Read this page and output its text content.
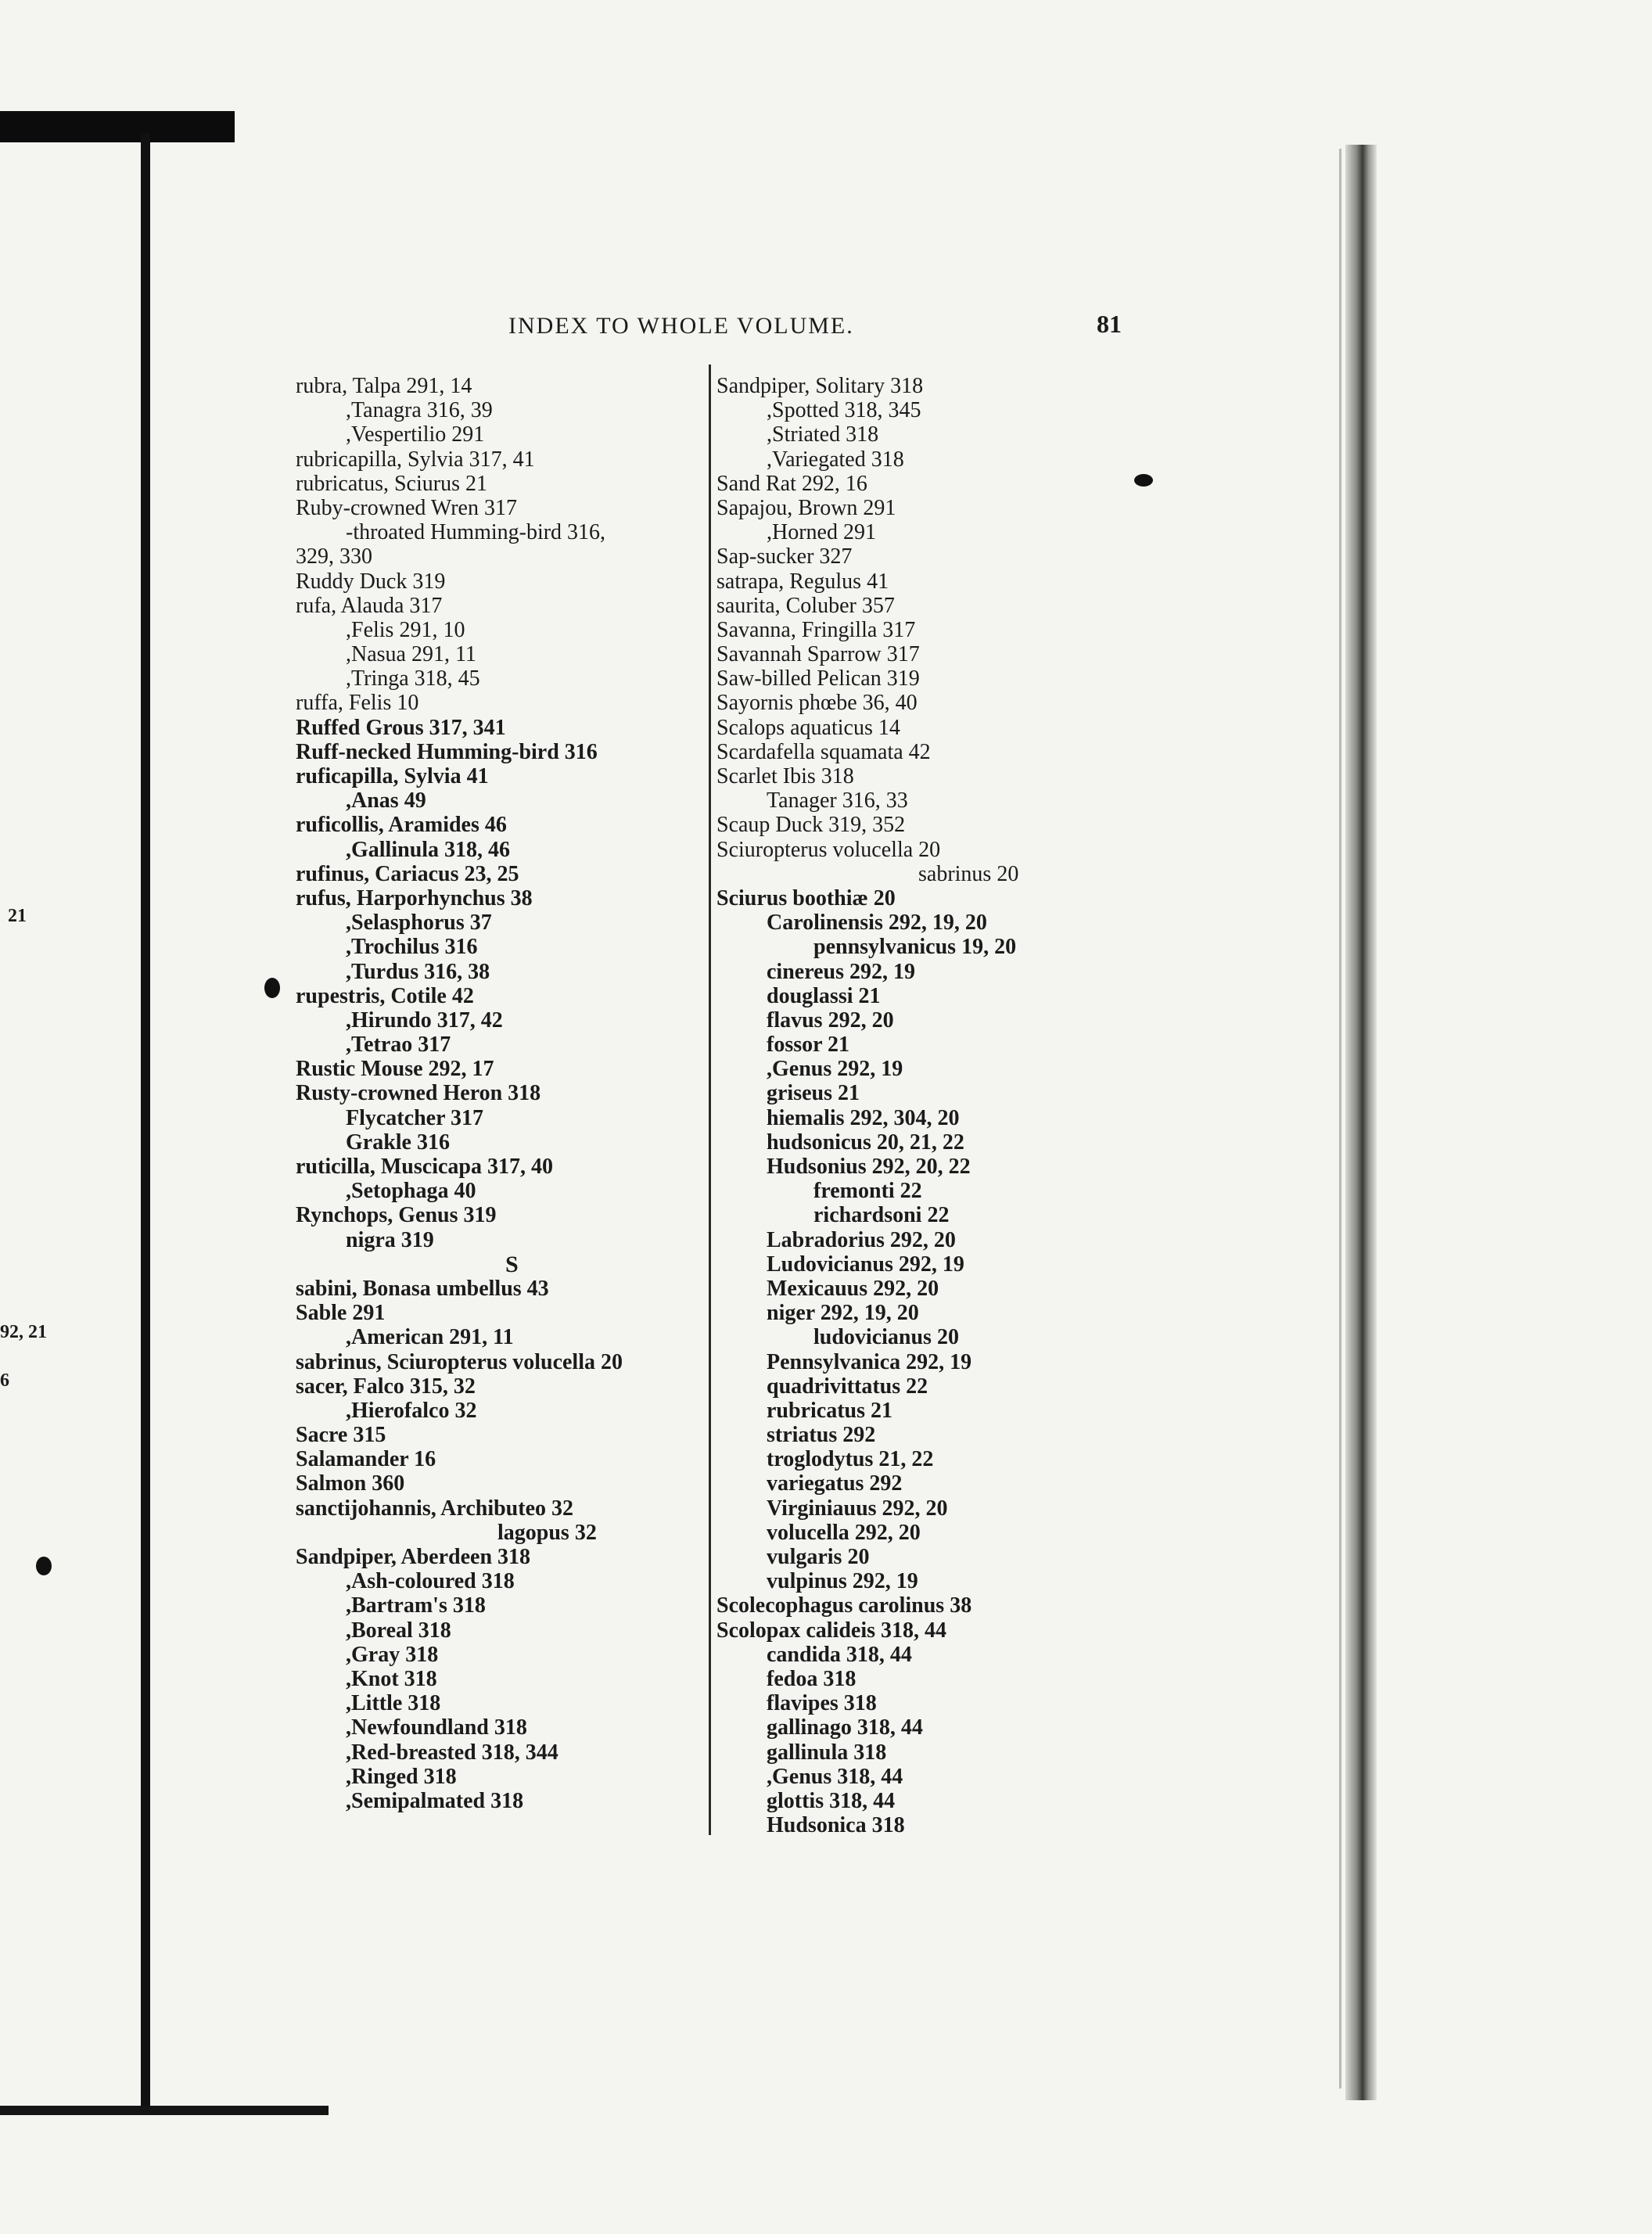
21
92, 21
6
INDEX TO WHOLE VOLUME.	81
rubra, Talpa 291, 14
,Tanagra 316, 39
,Vespertilio 291
rubricapilla, Sylvia 317, 41
rubricatus, Sciurus 21
Ruby-crowned Wren 317
-throated Humming-bird 316,
329, 330
Ruddy Duck 319
rufa, Alauda 317
,Felis 291, 10
,Nasua 291, 11
,Tringa 318, 45
ruffa, Felis 10
Ruffed Grous 317, 341
Ruff-necked Humming-bird 316
ruficapilla, Sylvia 41
,Anas 49
ruficollis, Aramides 46
,Gallinula 318, 46
rufinus, Cariacus 23, 25
rufus, Harporhynchus 38
,Selasphorus 37
,Trochilus 316
,Turdus 316, 38
rupestris, Cotile 42
,Hirundo 317, 42
,Tetrao 317
Rustic Mouse 292, 17
Rusty-crowned Heron 318
Flycatcher 317
Grakle 316
ruticilla, Muscicapa 317, 40
,Setophaga 40
Rynchops, Genus 319
nigra 319
S
sabini, Bonasa umbellus 43
Sable 291
,American 291, 11
sabrinus, Sciuropterus volucella 20
sacer, Falco 315, 32
,Hierofalco 32
Sacre 315
Salamander 16
Salmon 360
sanctijohannis, Archibuteo 32
lagopus 32
Sandpiper, Aberdeen 318
,Ash-coloured 318
,Bartram's 318
,Boreal 318
,Gray 318
,Knot 318
,Little 318
,Newfoundland 318
,Red-breasted 318, 344
,Ringed 318
,Semipalmated 318
Sandpiper, Solitary 318
,Spotted 318, 345
,Striated 318
,Variegated 318
Sand Rat 292, 16
Sapajou, Brown 291
,Horned 291
Sap-sucker 327
satrapa, Regulus 41
saurita, Coluber 357
Savanna, Fringilla 317
Savannah Sparrow 317
Saw-billed Pelican 319
Sayornis phœbe 36, 40
Scalops aquaticus 14
Scardafella squamata 42
Scarlet Ibis 318
Tanager 316, 33
Scaup Duck 319, 352
Sciuropterus volucella 20
sabrinus 20
Sciurus boothiæ 20
Carolinensis 292, 19, 20
pennsylvanicus 19, 20
cinereus 292, 19
douglassi 21
flavus 292, 20
fossor 21
,Genus 292, 19
griseus 21
hiemalis 292, 304, 20
hudsonicus 20, 21, 22
Hudsonius 292, 20, 22
fremonti 22
richardsoni 22
Labradorius 292, 20
Ludovicianus 292, 19
Mexicauus 292, 20
niger 292, 19, 20
ludovicianus 20
Pennsylvanica 292, 19
quadrivittatus 22
rubricatus 21
striatus 292
troglodytus 21, 22
variegatus 292
Virginiauus 292, 20
volucella 292, 20
vulgaris 20
vulpinus 292, 19
Scolecophagus carolinus 38
Scolopax calideis 318, 44
candida 318, 44
fedoa 318
flavipes 318
gallinago 318, 44
gallinula 318
,Genus 318, 44
glottis 318, 44
Hudsonica 318
